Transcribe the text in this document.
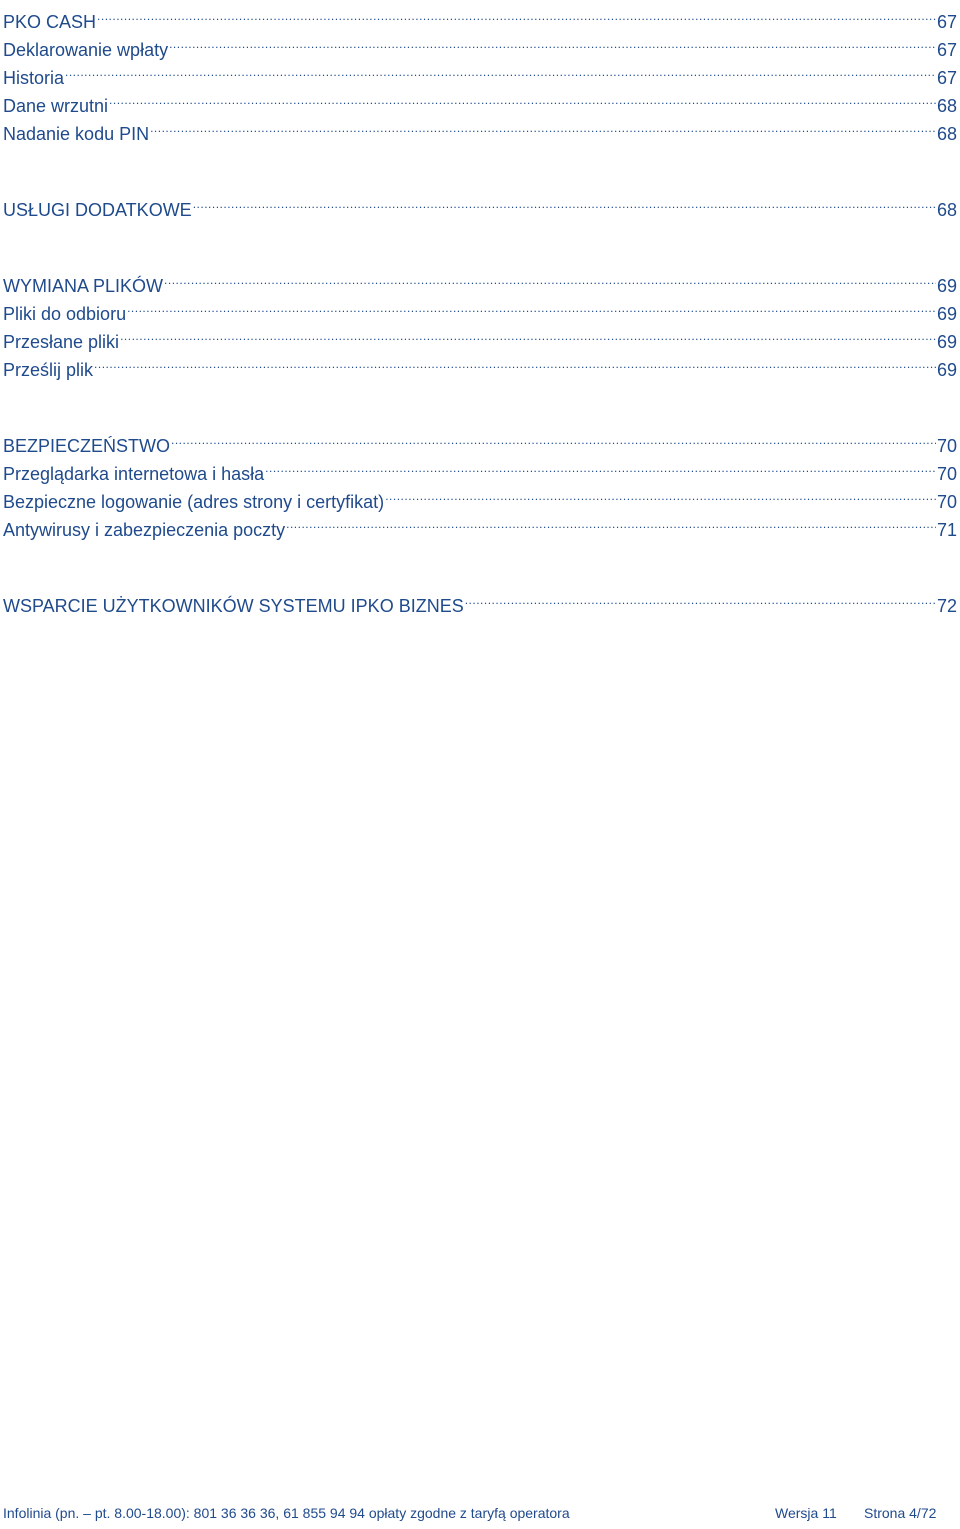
PKO CASH .....	67
Deklarowanie wpłaty .....	67
Historia .....	67
Dane wrzutni .....	68
Nadanie kodu PIN .....	68
USŁUGI DODATKOWE .....	68
WYMIANA PLIKÓW .....	69
Pliki do odbioru .....	69
Przesłane pliki .....	69
Prześlij plik .....	69
BEZPIECZEŃSTWO .....	70
Przeglądarka internetowa i hasła .....	70
Bezpieczne logowanie (adres strony i certyfikat) .....	70
Antywirusy i zabezpieczenia poczty .....	71
WSPARCIE UŻYTKOWNIKÓW SYSTEMU IPKO BIZNES .....	72
Infolinia (pn. – pt. 8.00-18.00): 801 36 36 36, 61 855 94 94 opłaty zgodne z taryfą operatora	Wersja 11 Strona 4/72
